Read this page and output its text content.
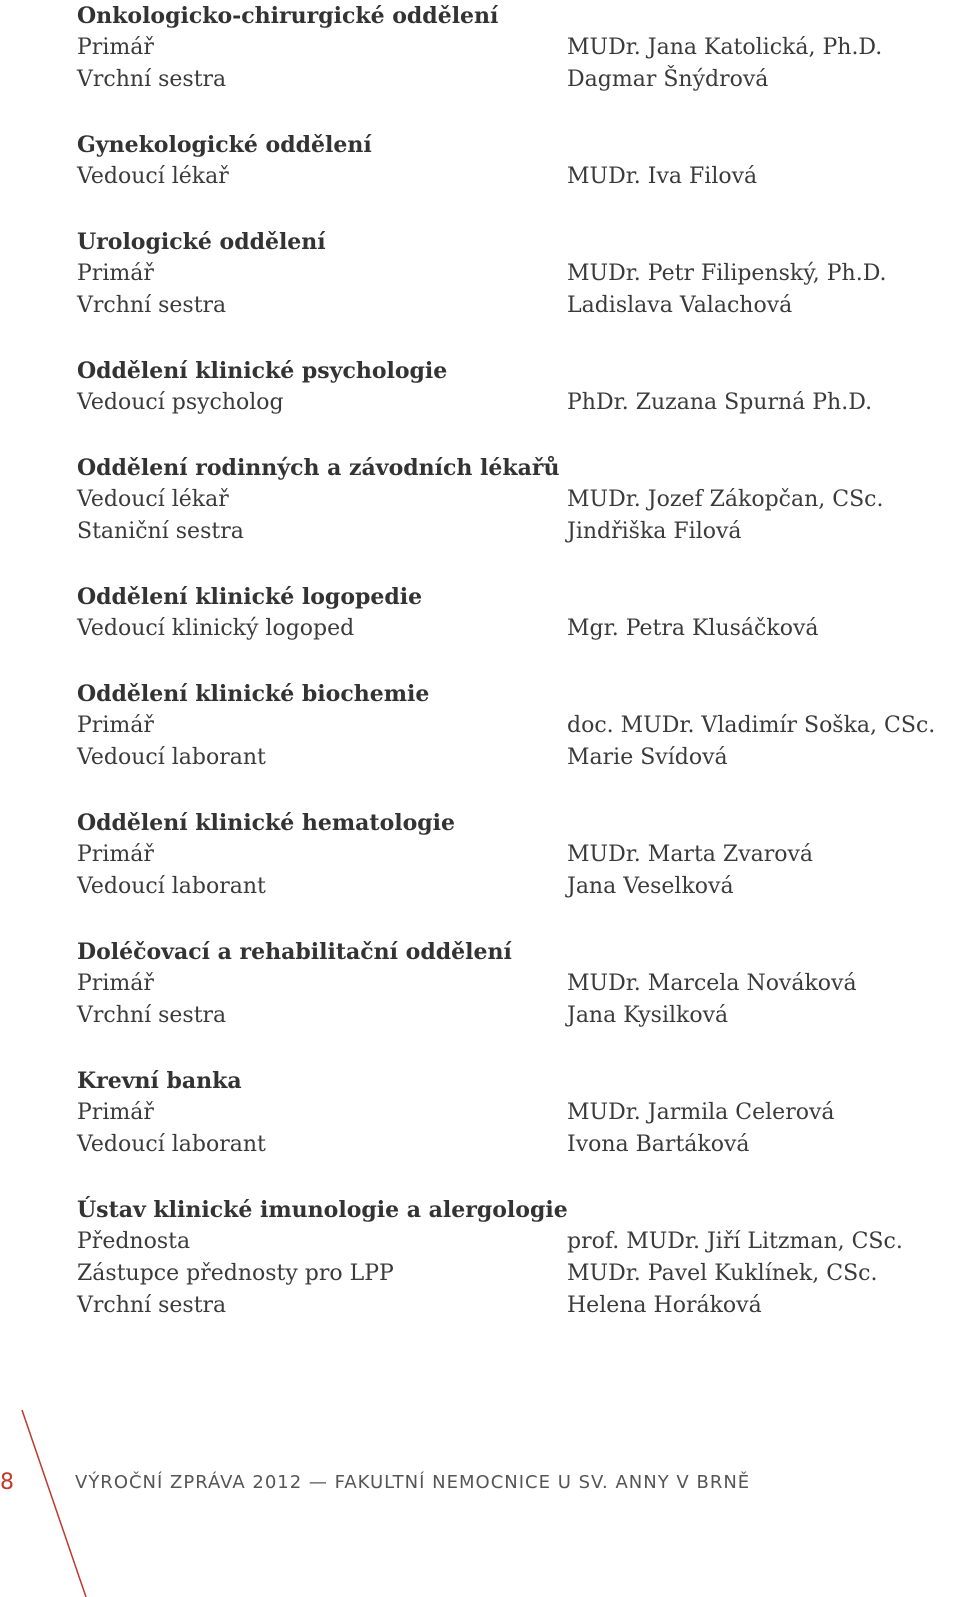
Onkologicko-chirurgické oddělení
Primář	MUDr. Jana Katolická, Ph.D.
Vrchní sestra	Dagmar Šnýdrová
Gynekologické oddělení
Vedoucí lékař	MUDr. Iva Filová
Urologické oddělení
Primář	MUDr. Petr Filipenský, Ph.D.
Vrchní sestra	Ladislava Valachová
Oddělení klinické psychologie
Vedoucí psycholog	PhDr. Zuzana Spurná Ph.D.
Oddělení rodinných a závodních lékařů
Vedoucí lékař	MUDr. Jozef Zákopčan, CSc.
Staniční sestra	Jindřiška Filová
Oddělení klinické logopedie
Vedoucí klinický logoped	Mgr. Petra Klusáčková
Oddělení klinické biochemie
Primář	doc. MUDr. Vladimír Soška, CSc.
Vedoucí laborant	Marie Svídová
Oddělení klinické hematologie
Primář	MUDr. Marta Zvarová
Vedoucí laborant	Jana Veselková
Doléčovací a rehabilitační oddělení
Primář	MUDr. Marcela Nováková
Vrchní sestra	Jana Kysilková
Krevní banka
Primář	MUDr. Jarmila Celerová
Vedoucí laborant	Ivona Bartáková
Ústav klinické imunologie a alergologie
Přednosta	prof. MUDr. Jiří Litzman, CSc.
Zástupce přednosty pro LPP	MUDr. Pavel Kuklínek, CSc.
Vrchní sestra	Helena Horáková
8	VÝROČNÍ ZPRÁVA 2012 — FAKULTNÍ NEMOCNICE U SV. ANNY V BRNĚ
